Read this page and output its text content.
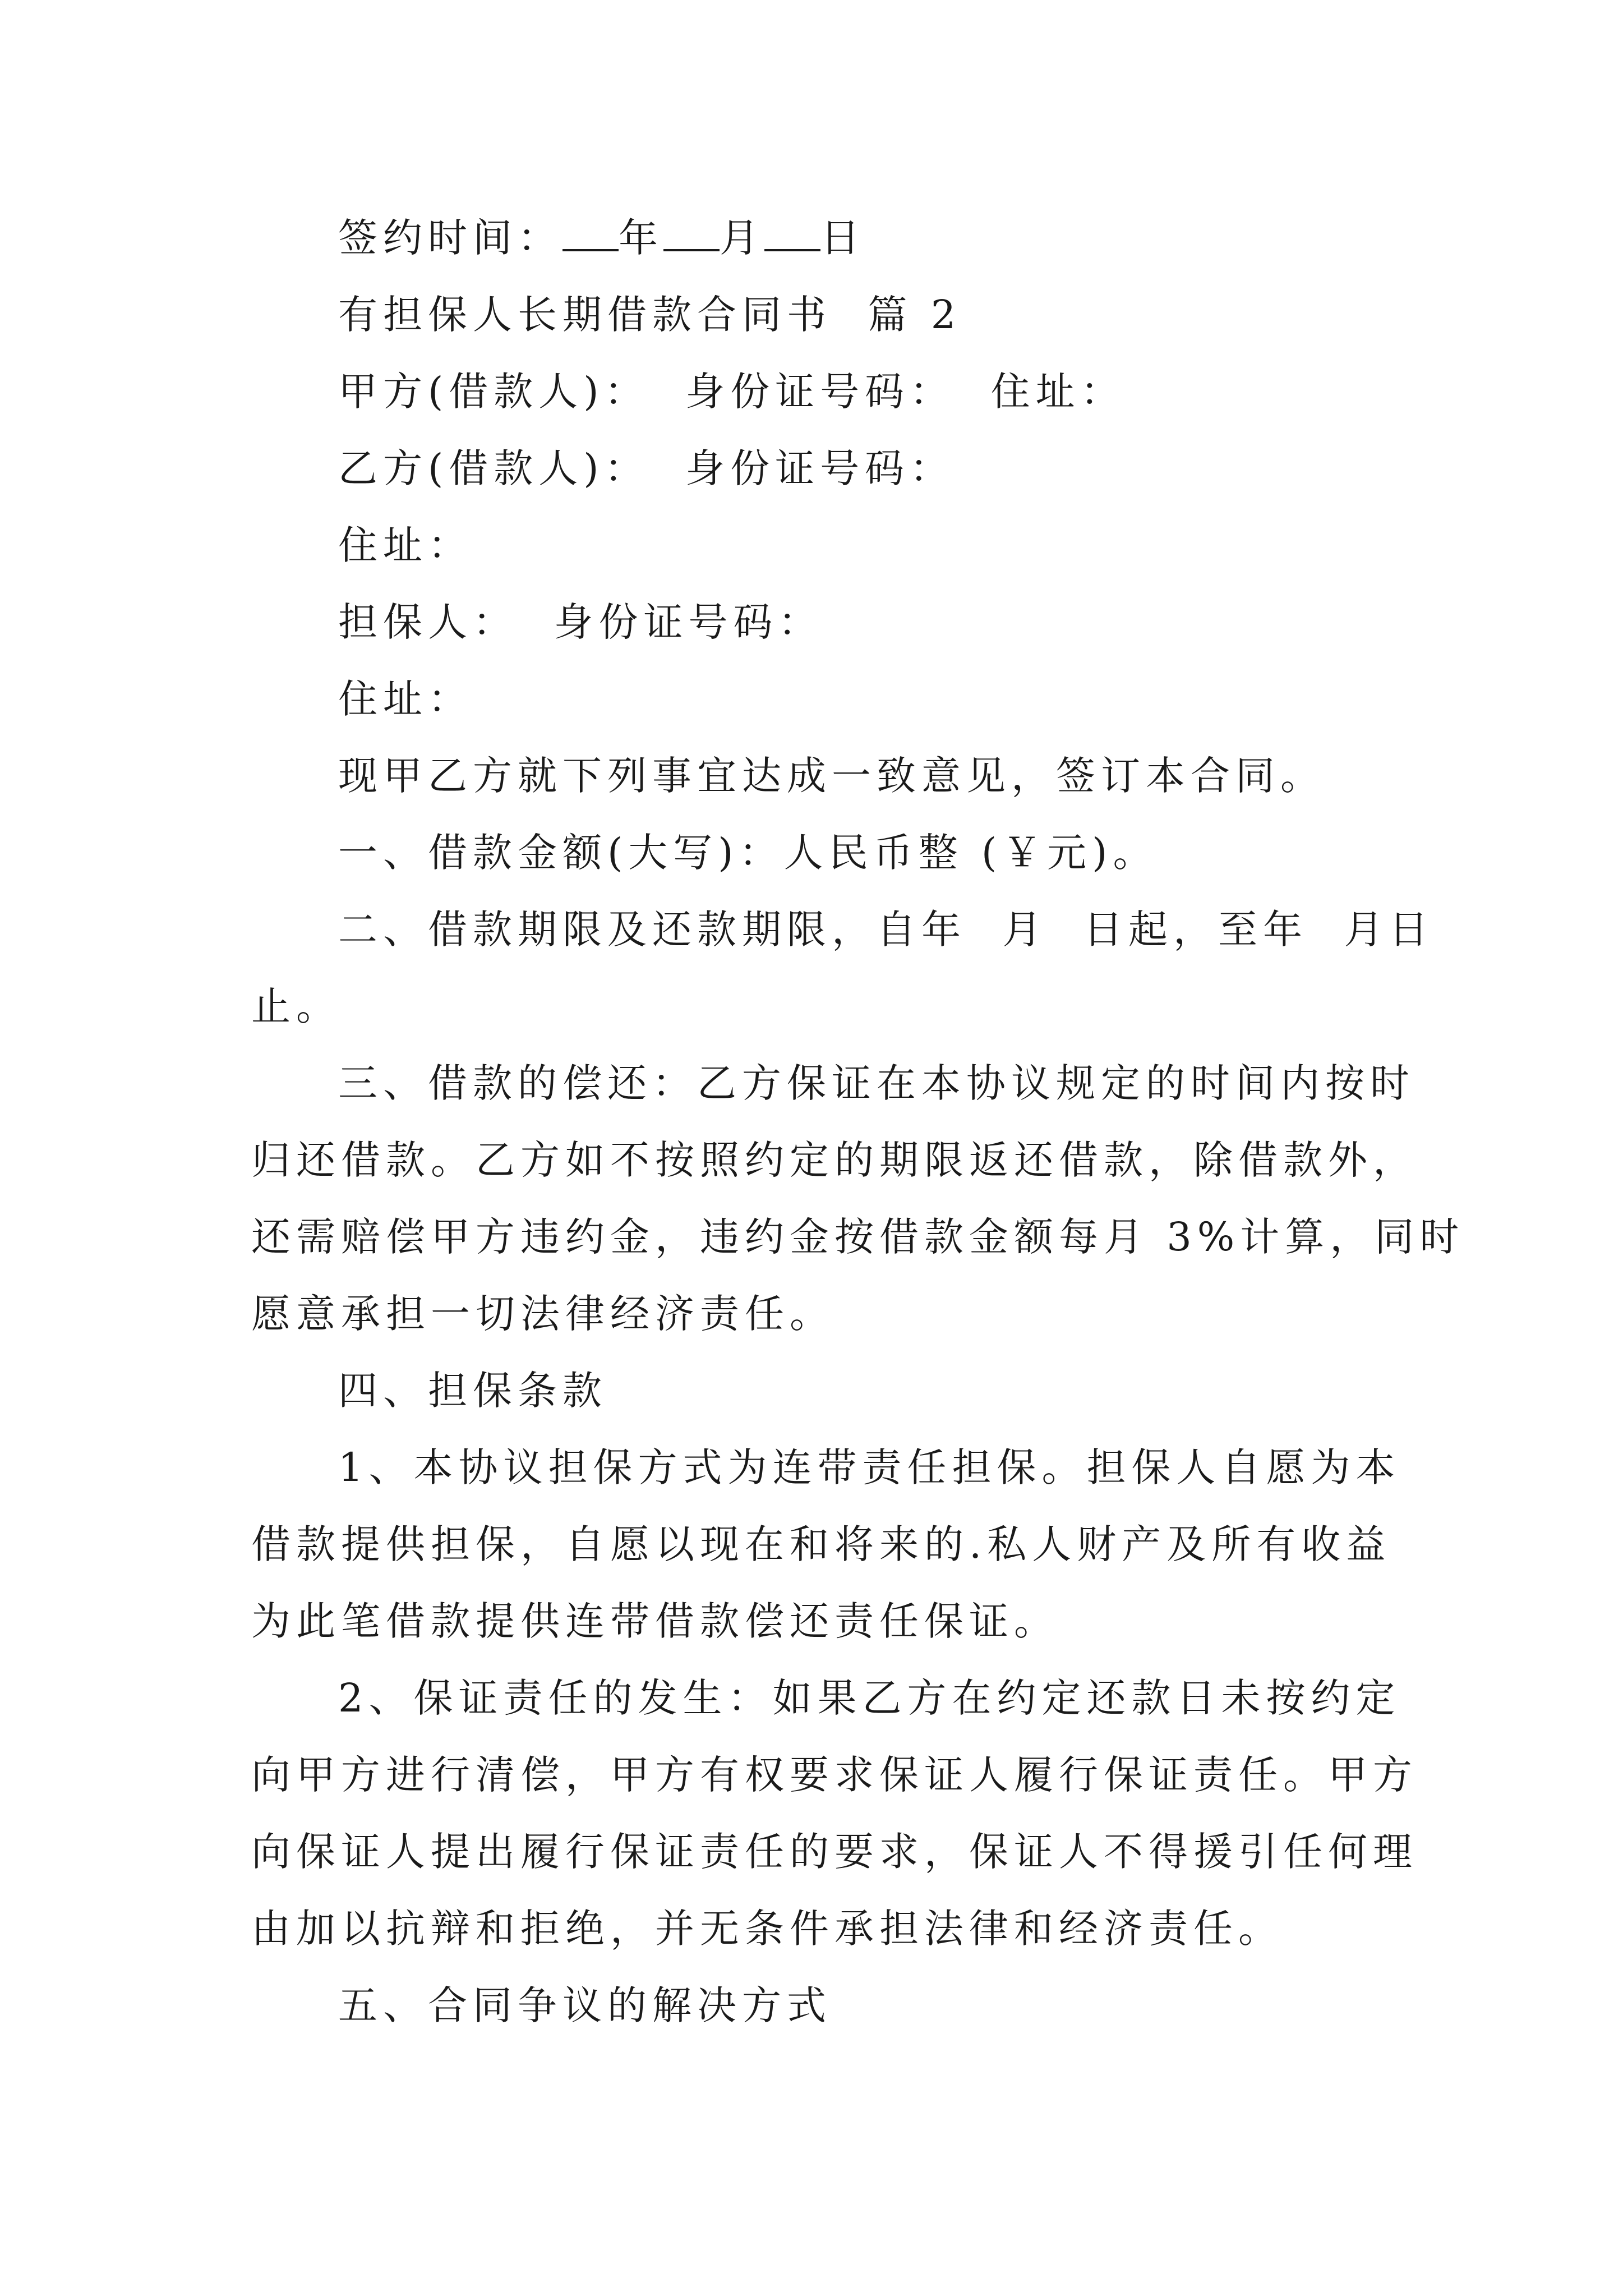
签约时间： 年 月 日

有担保人长期借款合同书  篇 2

甲方(借款人)：  身份证号码：  住址：

乙方(借款人)：  身份证号码：

住址：

担保人：  身份证号码：

住址：

现甲乙方就下列事宜达成一致意见，签订本合同。

一、借款金额(大写)：人民币整 (￥元)。

二、借款期限及还款期限，自年  月  日起，至年  月日
止。
三、借款的偿还：乙方保证在本协议规定的时间内按时
归还借款。乙方如不按照约定的期限返还借款，除借款外，
还需赔偿甲方违约金，违约金按借款金额每月 3%计算，同时
愿意承担一切法律经济责任。

四、担保条款

1、本协议担保方式为连带责任担保。担保人自愿为本
借款提供担保，自愿以现在和将来的.私人财产及所有收益
为此笔借款提供连带借款偿还责任保证。
2、保证责任的发生：如果乙方在约定还款日未按约定
向甲方进行清偿，甲方有权要求保证人履行保证责任。甲方
向保证人提出履行保证责任的要求，保证人不得援引任何理
由加以抗辩和拒绝，并无条件承担法律和经济责任。

五、合同争议的解决方式
